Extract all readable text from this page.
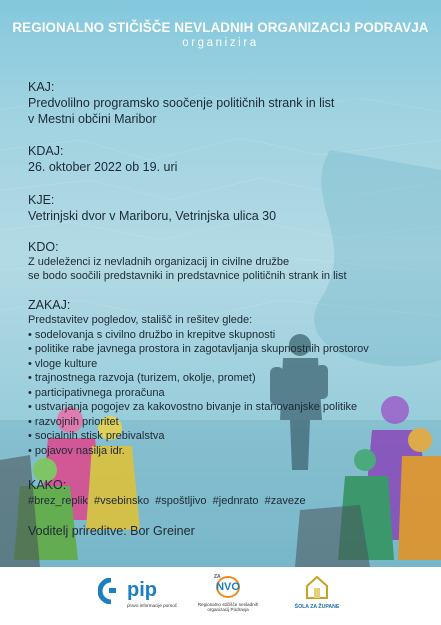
REGIONALNO STIČIŠČE NEVLADNIH ORGANIZACIJ PODRAVJA
organizira
KAJ:
Predvolilno programsko soočenje političnih strank in list
v Mestni občini Maribor
KDAJ:
26. oktober 2022 ob 19. uri
KJE:
Vetrinjski dvor v Mariboru, Vetrinjska ulica 30
KDO:
Z udeleženci iz nevladnih organizacij in civilne družbe
se bodo soočili predstavniki in predstavnice političnih strank in list
ZAKAJ:
Predstavitev pogledov, stališč in rešitev glede:
• sodelovanja s civilno družbo in krepitve skupnosti
• politike rabe javnega prostora in zagotavljanja skupnostnih prostorov
• vloge kulture
• trajnostnega razvoja (turizem, okolje, promet)
• participativnega proračuna
• ustvarjanja pogojev za kakovostno bivanje in stanovanjske politike
• razvojnih prioritet
• socialnih stisk prebivalstva
• pojavov nasilja idr.
KAKO:
#brez_replik  #vsebinsko  #spoštljivo  #jednrato  #zaveze
Voditelj prireditve: Bor Greiner
pip
pravo informacije pomoč
ZA
NVO
Regionalno stičišče nevladnih organizacij Podravja	ŠOLA ZA ŽUPANE
